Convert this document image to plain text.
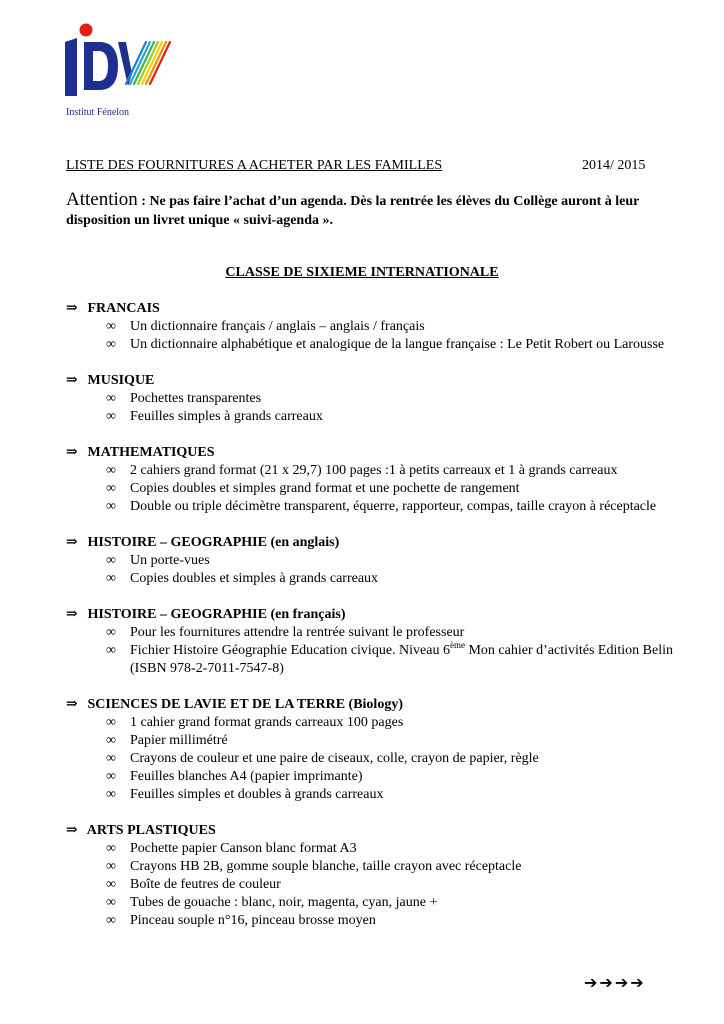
Institut Fénelon
LISTE DES FOURNITURES A ACHETER PAR LES FAMILLES	2014/ 2015
Attention : Ne pas faire l’achat d’un agenda. Dès la rentrée les élèves du Collège auront à leur disposition un livret unique « suivi-agenda ».
CLASSE DE SIXIEME INTERNATIONALE
⇒ FRANCAIS
∞ Un dictionnaire français / anglais – anglais / français
∞ Un dictionnaire alphabétique et analogique de la langue française : Le Petit Robert ou Larousse
⇒ MUSIQUE
∞ Pochettes transparentes
∞ Feuilles simples à grands carreaux
⇒ MATHEMATIQUES
∞ 2 cahiers grand format (21 x 29,7) 100 pages :1 à petits carreaux et 1 à grands carreaux
∞ Copies doubles et simples grand format et une pochette de rangement
∞ Double ou triple décimètre transparent, équerre, rapporteur, compas, taille crayon à réceptacle
⇒ HISTOIRE – GEOGRAPHIE (en anglais)
∞ Un porte-vues
∞ Copies doubles et simples à grands carreaux
⇒ HISTOIRE – GEOGRAPHIE (en français)
∞ Pour les fournitures attendre la rentrée suivant le professeur
∞ Fichier Histoire Géographie Education civique. Niveau 6ème Mon cahier d’activités Edition Belin (ISBN 978-2-7011-7547-8)
⇒ SCIENCES DE LAVIE ET DE LA TERRE (Biology)
∞ 1 cahier grand format grands carreaux 100 pages
∞ Papier millimétré
∞ Crayons de couleur et une paire de ciseaux, colle, crayon de papier, règle
∞ Feuilles blanches A4 (papier imprimante)
∞ Feuilles simples et doubles à grands carreaux
⇒ ARTS PLASTIQUES
∞ Pochette papier Canson blanc format A3
∞ Crayons HB 2B, gomme souple blanche, taille crayon avec réceptacle
∞ Boîte de feutres de couleur
∞ Tubes de gouache : blanc, noir, magenta, cyan, jaune +
∞ Pinceau souple n°16, pinceau brosse moyen
➔➔➔➔
